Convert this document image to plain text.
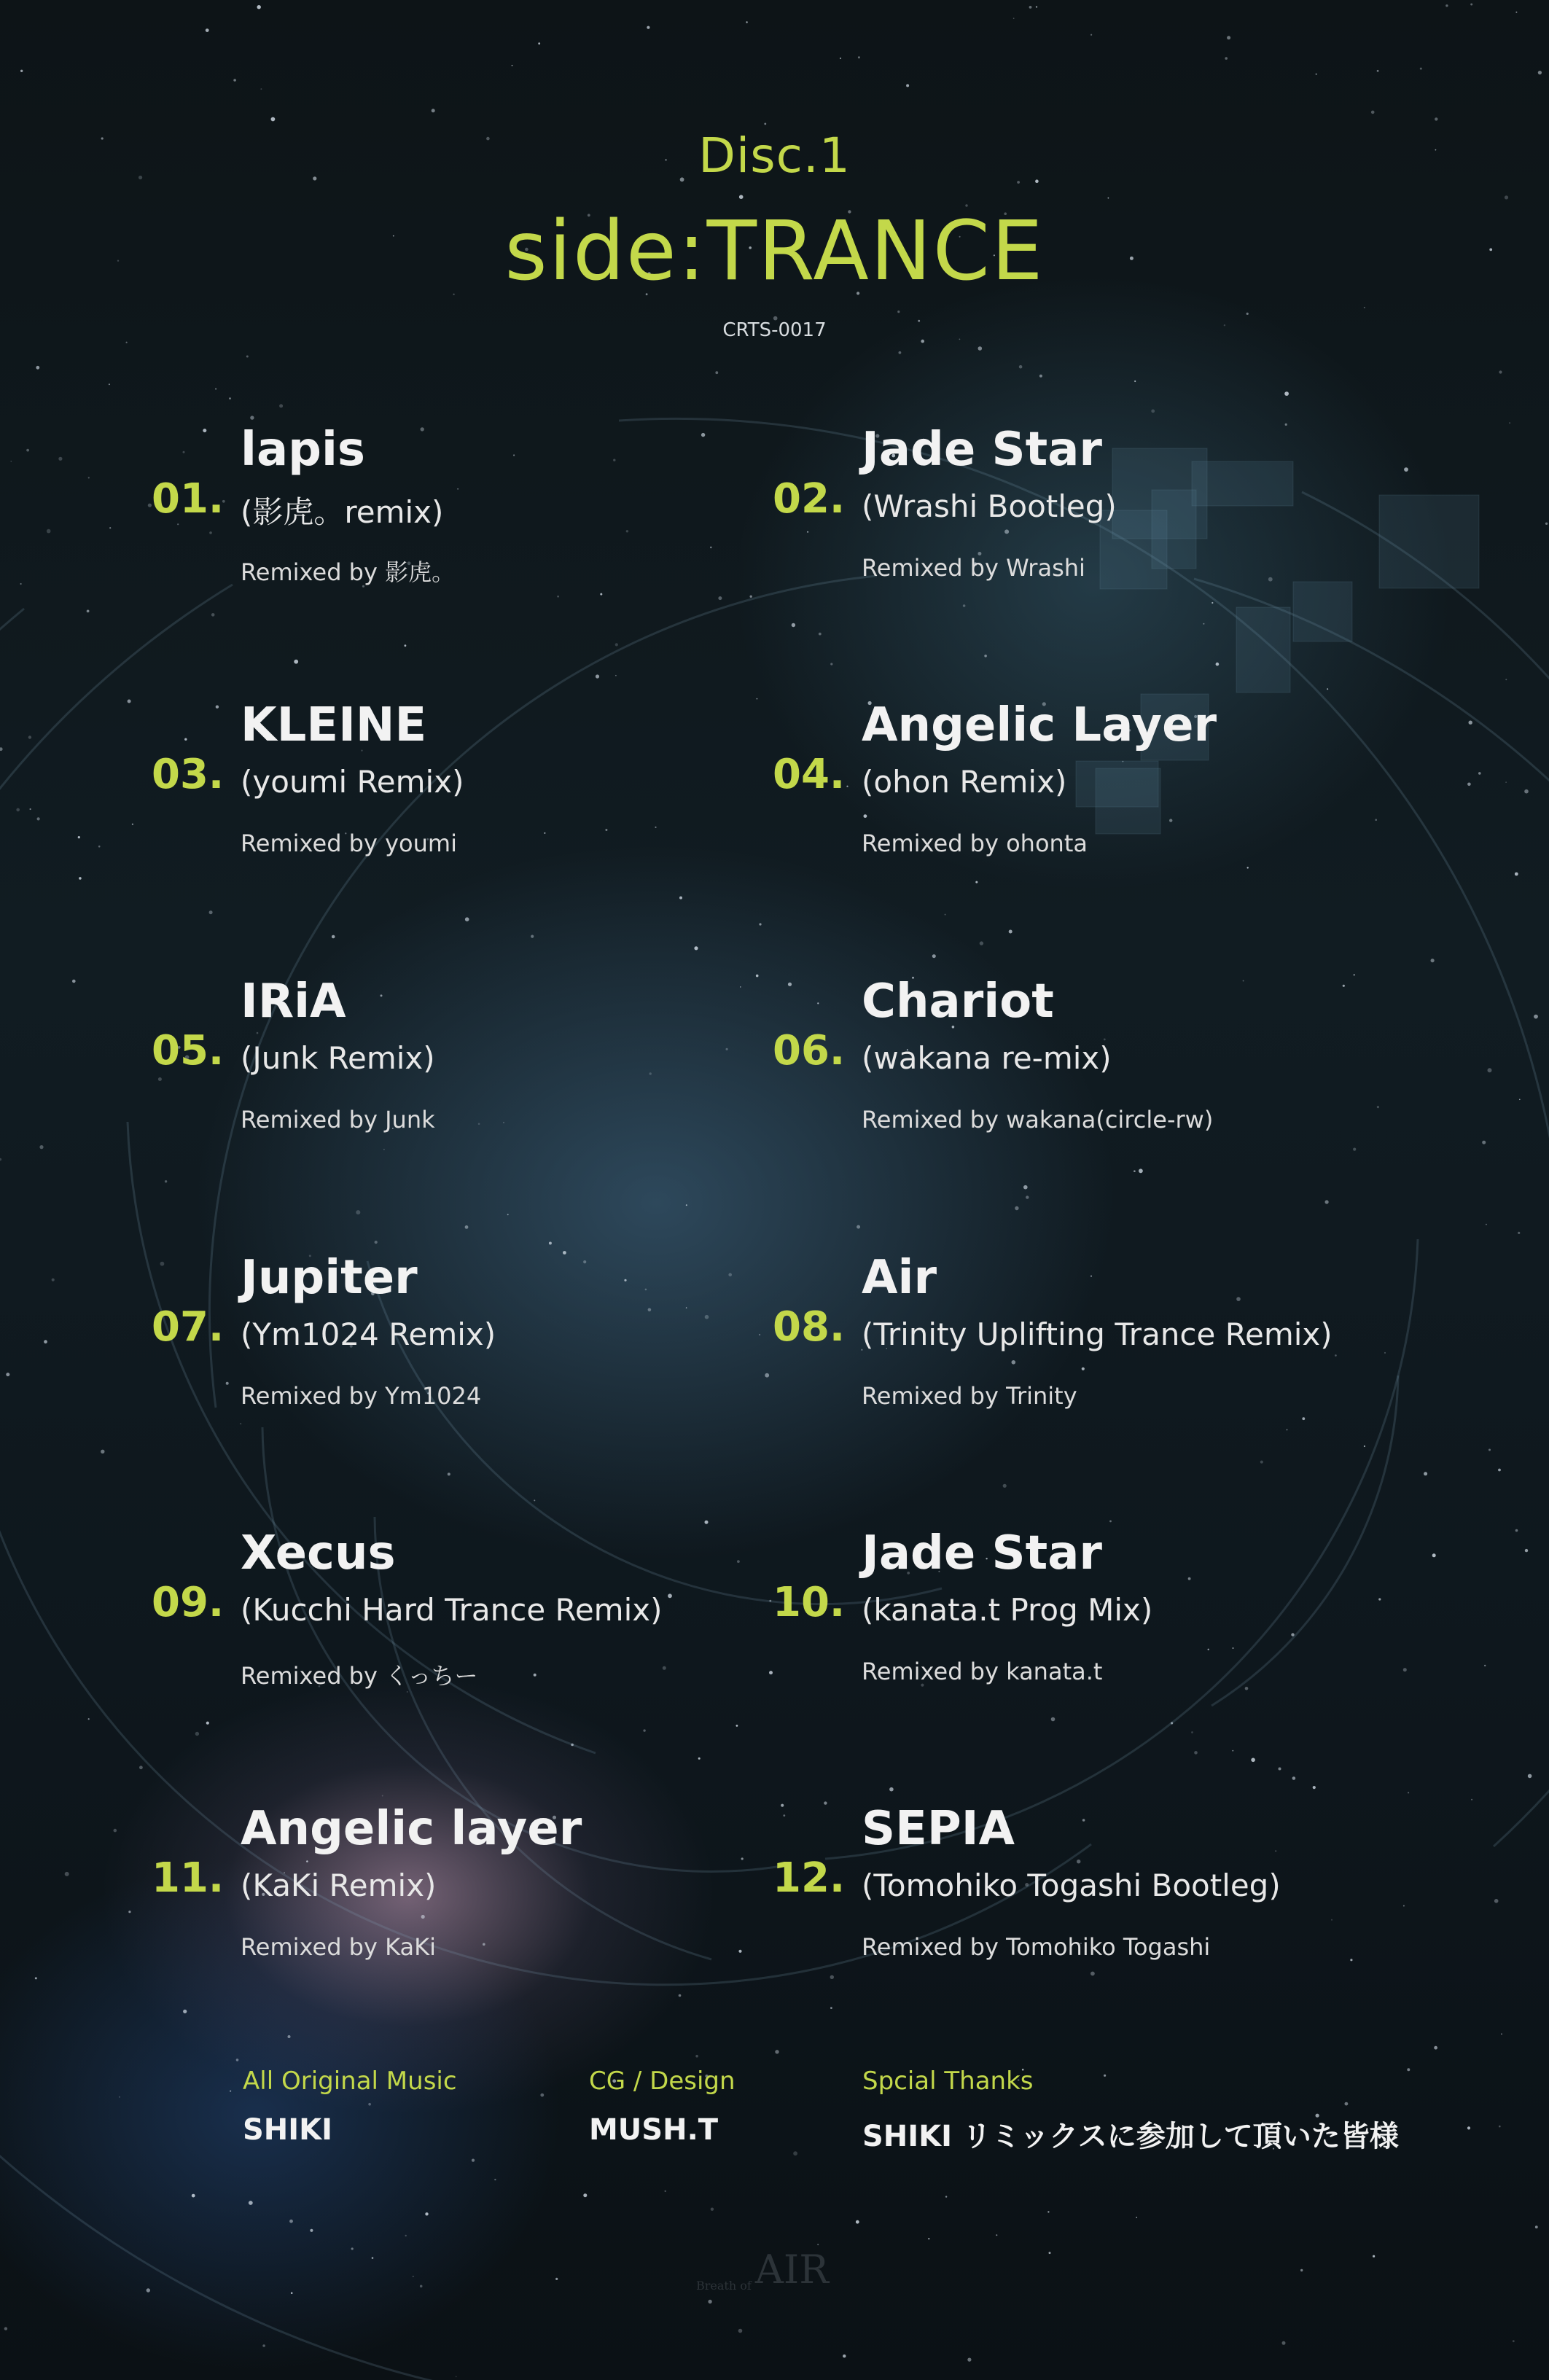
Disc.1
side:TRANCE
CRTS-0017
01.
lapis
(影虎。remix)
Remixed by 影虎。
02.
Jade Star
(Wrashi Bootleg)
Remixed by Wrashi
03.
KLEINE
(youmi Remix)
Remixed by youmi
04.
Angelic Layer
(ohon Remix)
Remixed by ohonta
05.
IRiA
(Junk Remix)
Remixed by Junk
06.
Chariot
(wakana re-mix)
Remixed by wakana(circle-rw)
07.
Jupiter
(Ym1024 Remix)
Remixed by Ym1024
08.
Air
(Trinity Uplifting Trance Remix)
Remixed by Trinity
09.
Xecus
(Kucchi Hard Trance Remix)
Remixed by くっちー
10.
Jade Star
(kanata.t Prog Mix)
Remixed by kanata.t
11.
Angelic layer
(KaKi Remix)
Remixed by KaKi
12.
SEPIA
(Tomohiko Togashi Bootleg)
Remixed by Tomohiko Togashi
All Original Music
SHIKI
CG / Design
MUSH.T
Spcial Thanks
SHIKI リミックスに参加して頂いた皆様
Breath of AIR
